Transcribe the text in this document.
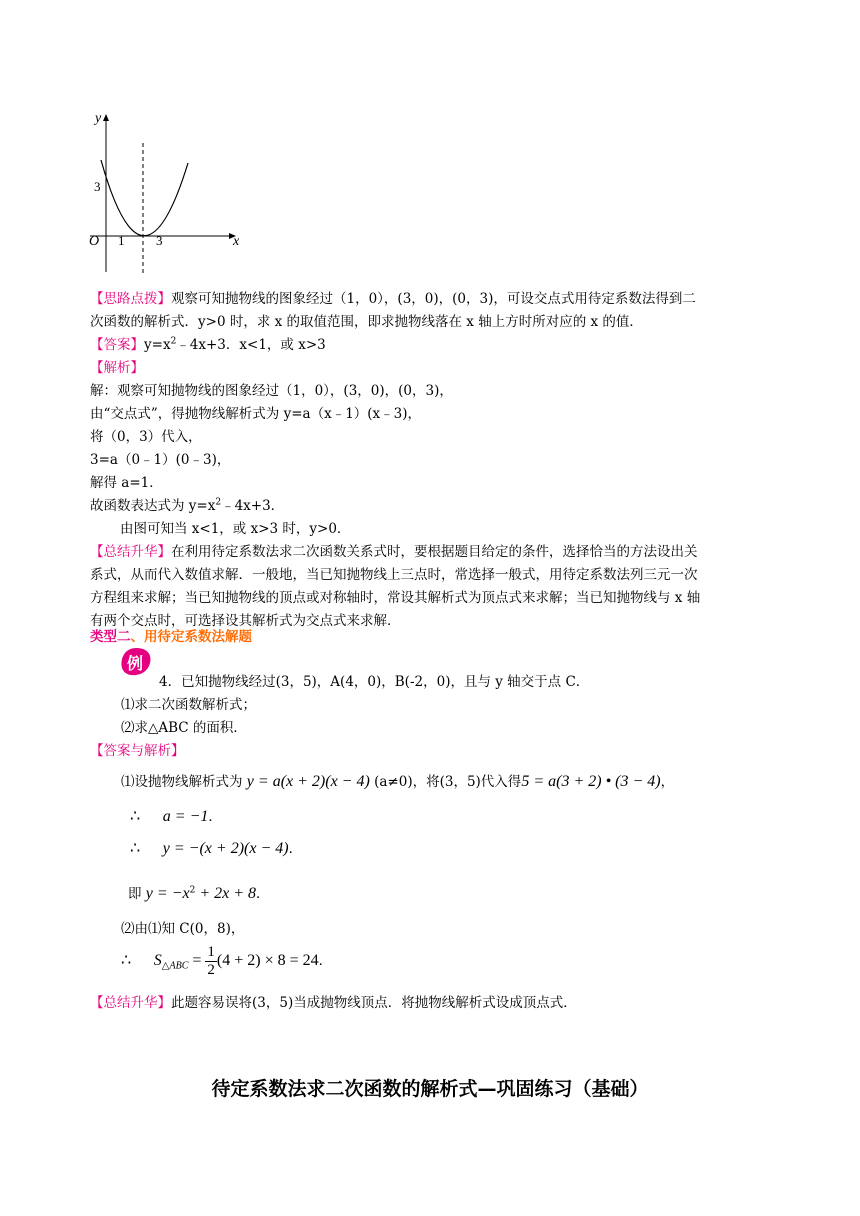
y
x
O 1 3
3
【思路点拨】观察可知抛物线的图象经过（1，0），(3，0)，(0，3)，可设交点式用待定系数法得到二
次函数的解析式．y>0 时，求 x 的取值范围，即求抛物线落在 x 轴上方时所对应的 x 的值．
【答案】$y=x^2﹣4x+3$．x<1，或 x>3
【解析】
解：观察可知抛物线的图象经过（1，0），(3，0)，(0，3)，
由“交点式”，得抛物线解析式为 y=a（x﹣1）(x﹣3)，
将（0，3）代入，
3=a（0﹣1）(0﹣3)，
解得 a=1．
故函数表达式为 $y=x^2﹣4x+3$．
由图可知当 x<1，或 x>3 时，y>0．
【总结升华】在利用待定系数法求二次函数关系式时，要根据题目给定的条件，选择恰当的方法设出关
系式，从而代入数值求解．一般地，当已知抛物线上三点时，常选择一般式，用待定系数法列三元一次
方程组来求解；当已知抛物线的顶点或对称轴时，常设其解析式为顶点式来求解；当已知抛物线与 x 轴
有两个交点时，可选择设其解析式为交点式来求解．
类型二、用待定系数法解题
例
4．已知抛物线经过(3，5)，A(4，0)，B(-2，0)，且与 y 轴交于点 C．
⑴求二次函数解析式；
⑵求△ABC 的面积．
【答案与解析】
⑴设抛物线解析式为 y = a(x + 2)(x − 4) (a≠0)，将(3，5)代入得5 = a(3 + 2) • (3 − 4)，
∴ a = −1．
∴ y = −(x + 2)(x − 4)．
即 $y = -x^2 + 2x + 8$．
⑵由⑴知 C(0，8)，
∴ $S_{\triangle ABC} = \frac{1}{2} (4 + 2) \times 8 = 24$．
【总结升华】此题容易误将(3，5)当成抛物线顶点．将抛物线解析式设成顶点式．
待定系数法求二次函数的解析式—巩固练习（基础）
